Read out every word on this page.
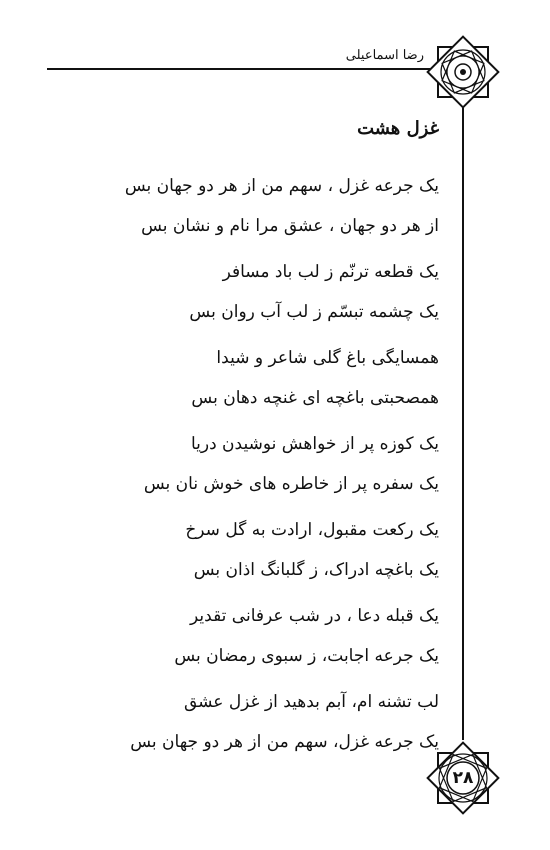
رضا اسماعیلی
غزل هشت
یک جرعه غزل ، سهم من از هر دو جهان بس
از هر دو جهان ، عشق مرا نام و نشان بس
یک قطعه ترنّم ز لب باد مسافر
یک چشمه تبسّم ز لب آب روان بس
همسایگی باغ گلی شاعر و شیدا
همصحبتی باغچه ای غنچه دهان بس
یک کوزه پر از خواهش نوشیدن دریا
یک سفره پر از خاطره های خوش نان بس
یک رکعت مقبول، ارادت به گل سرخ
یک باغچه ادراک، ز گلبانگ اذان بس
یک قبله دعا ، در شب عرفانی تقدیر
یک جرعه اجابت، ز سبوی رمضان بس
لب تشنه ام، آبم بدهید از غزل عشق
یک جرعه غزل، سهم من از هر دو جهان بس
۲۸
